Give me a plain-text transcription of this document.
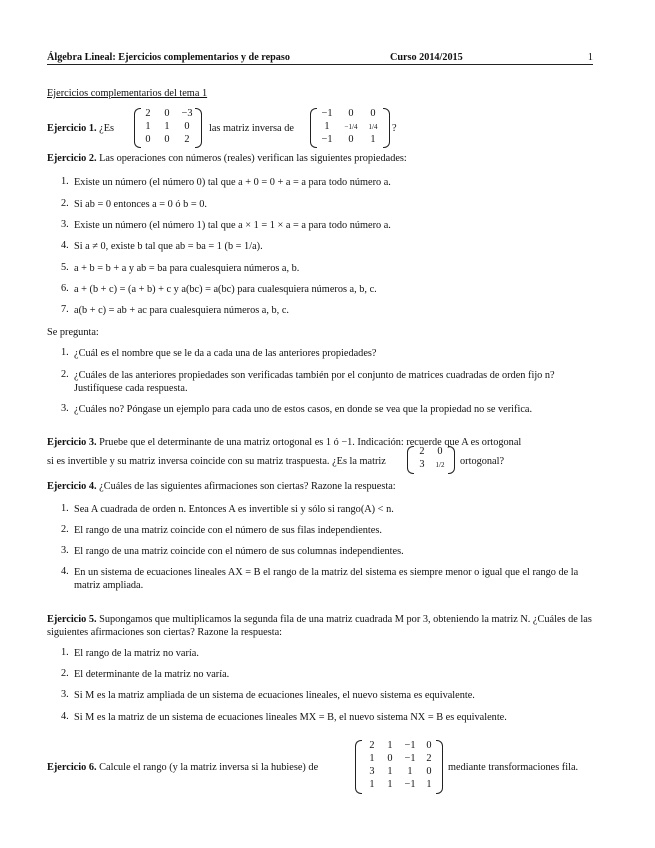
Álgebra Lineal: Ejercicios complementarios y de repaso	Curso 2014/2015	1
Ejercicios complementarios del tema 1
Ejercicio 1. ¿Es
2	0	−3
1	1	0
0	0	2
las matriz inversa de
−1	0	0
1	−1/4	1/4
−1	0	1
?
Ejercicio 2. Las operaciones con números (reales) verifican las siguientes propiedades:
1. Existe un número (el número 0) tal que a + 0 = 0 + a = a para todo número a.
2. Si ab = 0 entonces a = 0 ó b = 0.
3. Existe un número (el número 1) tal que a × 1 = 1 × a = a para todo número a.
4. Si a ≠ 0, existe b tal que ab = ba = 1 (b = 1/a).
5. a + b = b + a y ab = ba para cualesquiera números a, b.
6. a + (b + c) = (a + b) + c y a(bc) = a(bc) para cualesquiera números a, b, c.
7. a(b + c) = ab + ac para cualesquiera números a, b, c.
Se pregunta:
1. ¿Cuál es el nombre que se le da a cada una de las anteriores propiedades?
2. ¿Cuáles de las anteriores propiedades son verificadas también por el conjunto de matrices cuadradas de orden fijo n? Justifíquese cada respuesta.
3. ¿Cuáles no? Póngase un ejemplo para cada uno de estos casos, en donde se vea que la propiedad no se verifica.
Ejercicio 3. Pruebe que el determinante de una matriz ortogonal es 1 ó −1. Indicación: recuerde que A es ortogonal
si es invertible y su matriz inversa coincide con su matriz traspuesta. ¿Es la matriz
2	0
3	1/2	ortogonal?
Ejercicio 4. ¿Cuáles de las siguientes afirmaciones son ciertas? Razone la respuesta:
1. Sea A cuadrada de orden n. Entonces A es invertible si y sólo si rango(A) < n.
2. El rango de una matriz coincide con el número de sus filas independientes.
3. El rango de una matriz coincide con el número de sus columnas independientes.
4. En un sistema de ecuaciones lineales AX = B el rango de la matriz del sistema es siempre menor o igual que el rango de la matriz ampliada.
Ejercicio 5. Supongamos que multiplicamos la segunda fila de una matriz cuadrada M por 3, obteniendo la matriz N. ¿Cuáles de las siguientes afirmaciones son ciertas? Razone la respuesta:
1. El rango de la matriz no varía.
2. El determinante de la matriz no varía.
3. Si M es la matriz ampliada de un sistema de ecuaciones lineales, el nuevo sistema es equivalente.
4. Si M es la matriz de un sistema de ecuaciones lineales MX = B, el nuevo sistema NX = B es equivalente.
Ejercicio 6. Calcule el rango (y la matriz inversa si la hubiese) de
2	1	−1	0
1	0	−1	2
3	1	1	0
1	1	−1	1
mediante transformaciones fila.
